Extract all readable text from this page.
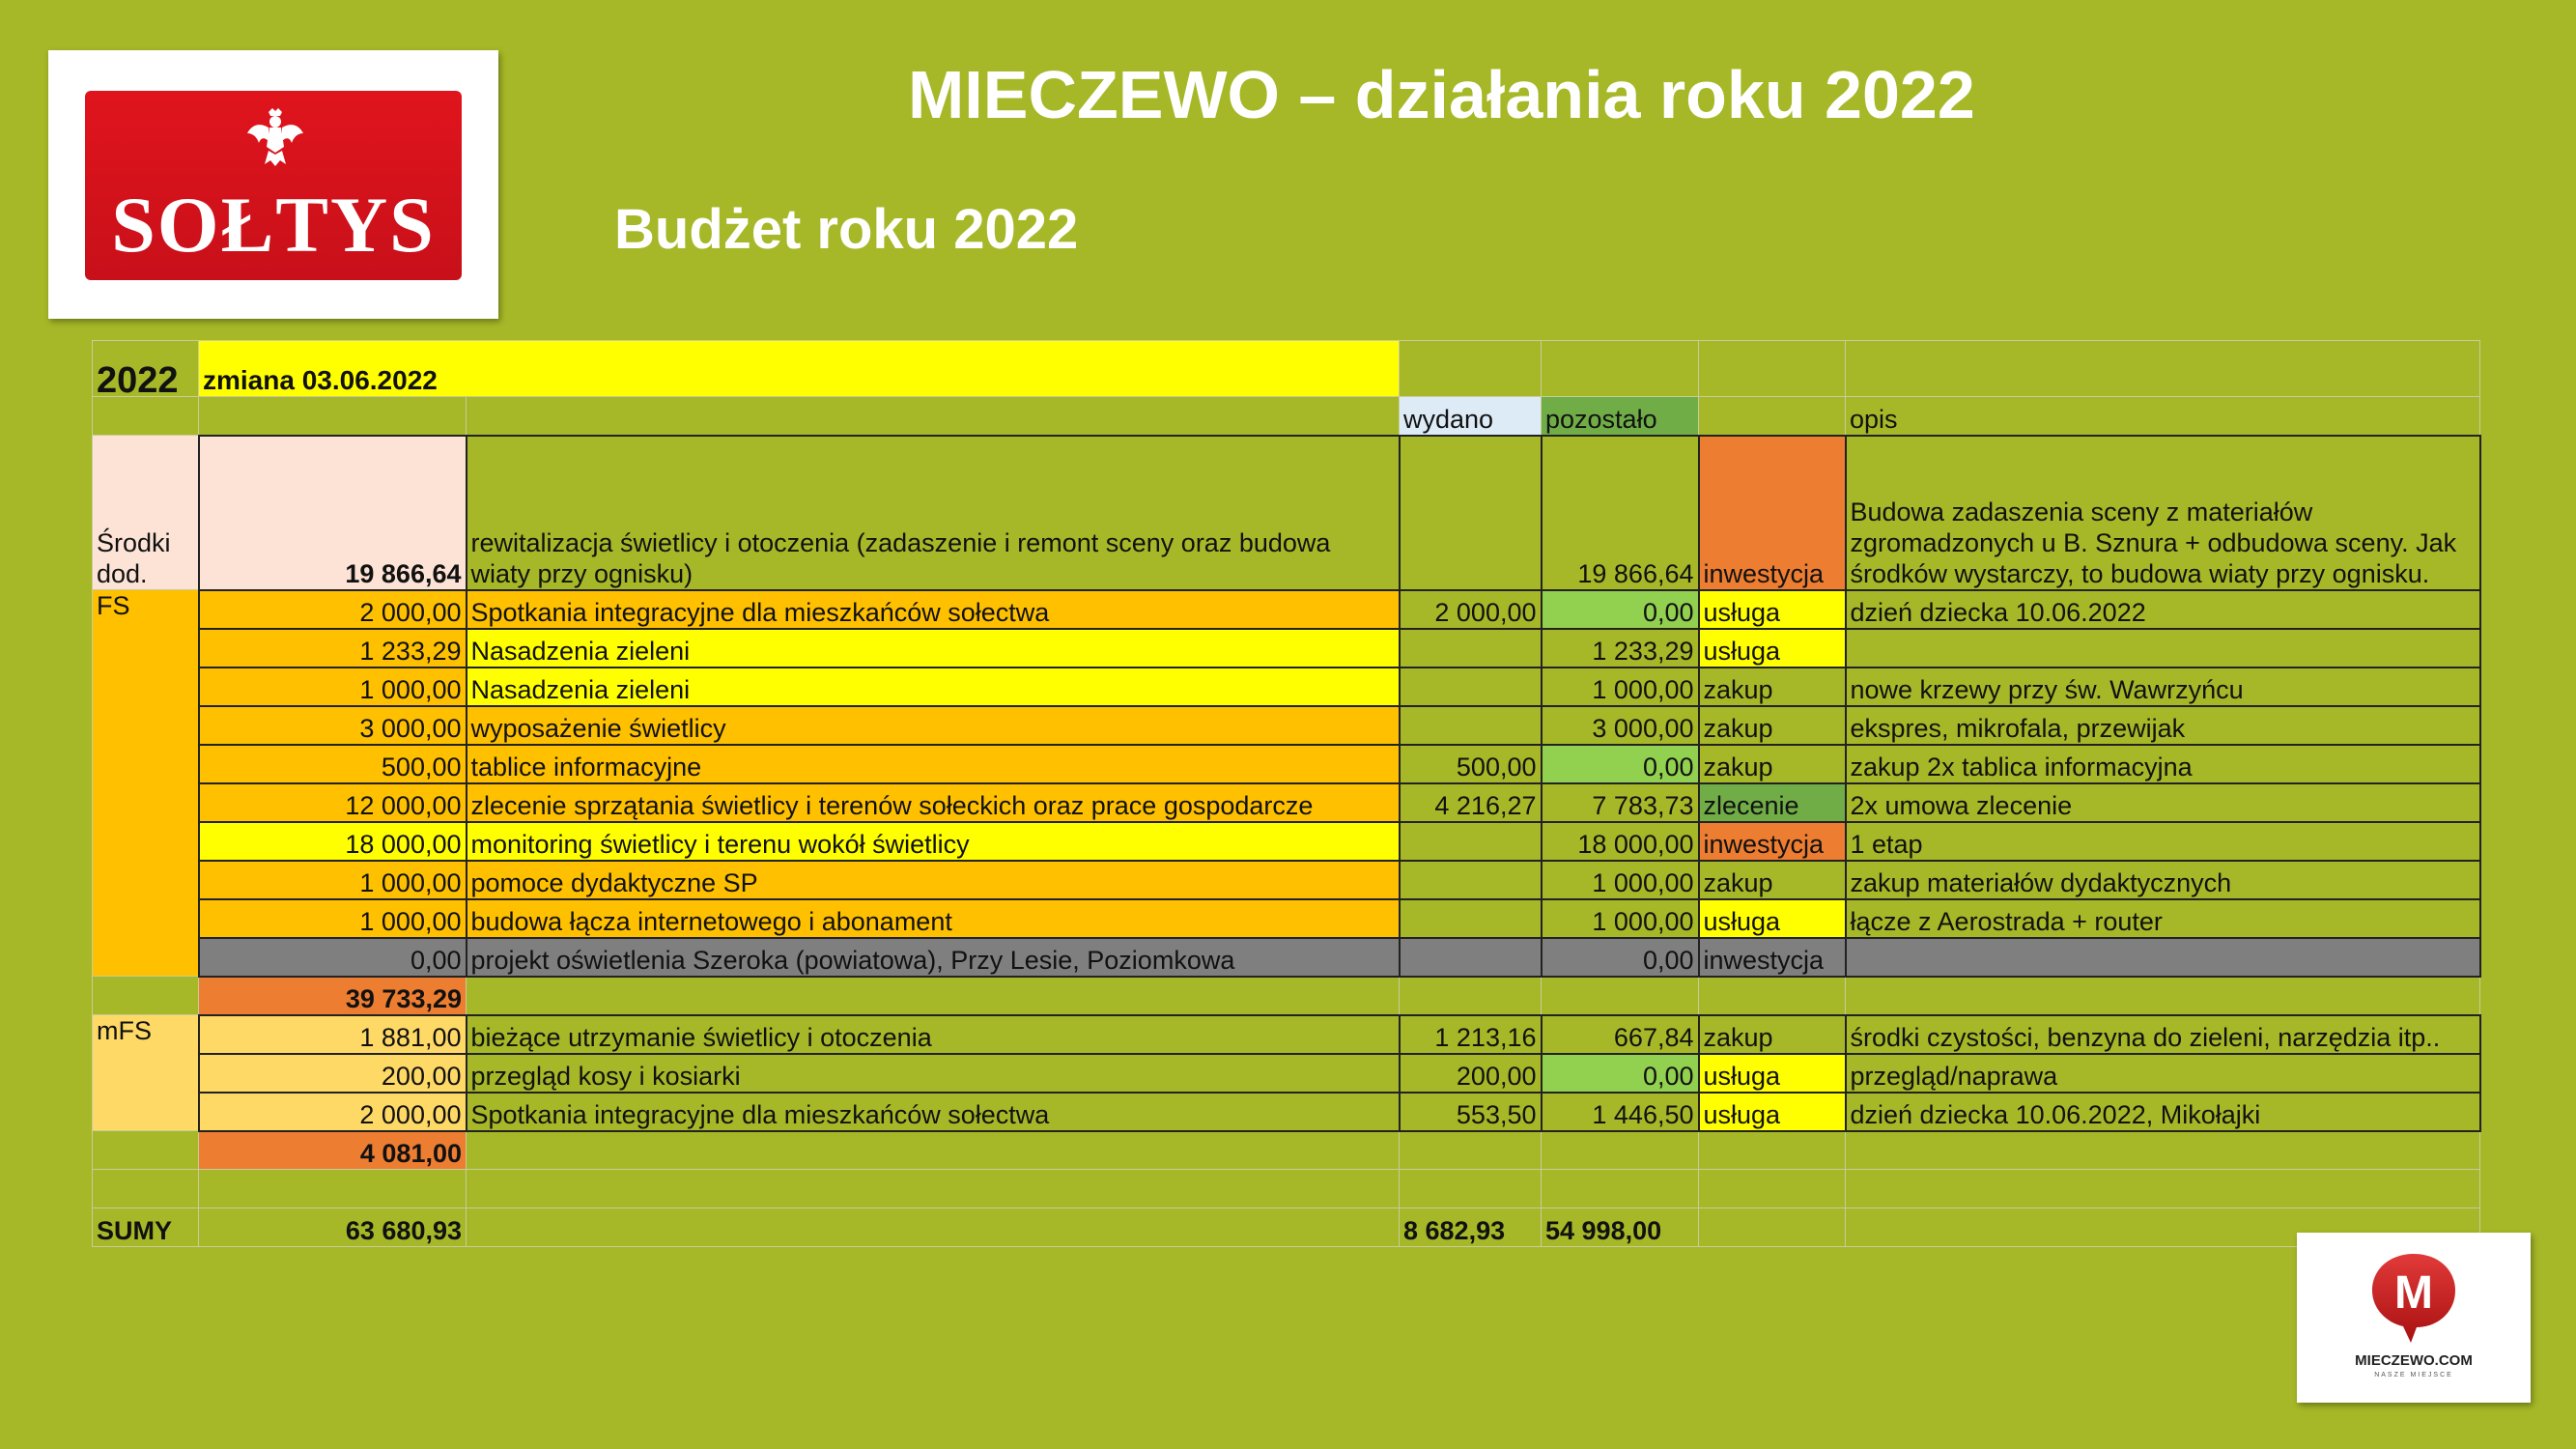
SOŁTYS
MIECZEWO – działania roku 2022
Budżet roku 2022
2022	zmiana 03.06.2022					
			wydano	pozostało		opis
Środki dod.	19 866,64	rewitalizacja świetlicy i otoczenia (zadaszenie i remont sceny oraz budowa wiaty przy ognisku)		19 866,64	inwestycja	Budowa zadaszenia sceny z materiałów zgromadzonych u B. Sznura + odbudowa sceny. Jak środków wystarczy, to budowa wiaty przy ognisku.
FS	2 000,00	Spotkania integracyjne dla mieszkańców sołectwa	2 000,00	0,00	usługa	dzień dziecka 10.06.2022
	1 233,29	Nasadzenia zieleni		1 233,29	usługa	
	1 000,00	Nasadzenia zieleni		1 000,00	zakup	nowe krzewy przy św. Wawrzyńcu
	3 000,00	wyposażenie świetlicy		3 000,00	zakup	ekspres, mikrofala, przewijak
	500,00	tablice informacyjne	500,00	0,00	zakup	zakup 2x tablica informacyjna
	12 000,00	zlecenie sprzątania świetlicy i terenów sołeckich oraz prace gospodarcze	4 216,27	7 783,73	zlecenie	2x umowa zlecenie
	18 000,00	monitoring świetlicy i terenu wokół świetlicy		18 000,00	inwestycja	1 etap
	1 000,00	pomoce dydaktyczne SP		1 000,00	zakup	zakup materiałów dydaktycznych
	1 000,00	budowa łącza internetowego i abonament		1 000,00	usługa	łącze z Aerostrada + router
	0,00	projekt oświetlenia Szeroka (powiatowa), Przy Lesie, Poziomkowa		0,00	inwestycja	
	39 733,29					
mFS	1 881,00	bieżące utrzymanie świetlicy i otoczenia	1 213,16	667,84	zakup	środki czystości, benzyna do zieleni, narzędzia itp..
	200,00	przegląd kosy i kosiarki	200,00	0,00	usługa	przegląd/naprawa
	2 000,00	Spotkania integracyjne dla mieszkańców sołectwa	553,50	1 446,50	usługa	dzień dziecka 10.06.2022, Mikołajki
	4 081,00					

SUMY	63 680,93		8 682,93	54 998,00		
M
MIECZEWO.COM
NASZE MIEJSCE
